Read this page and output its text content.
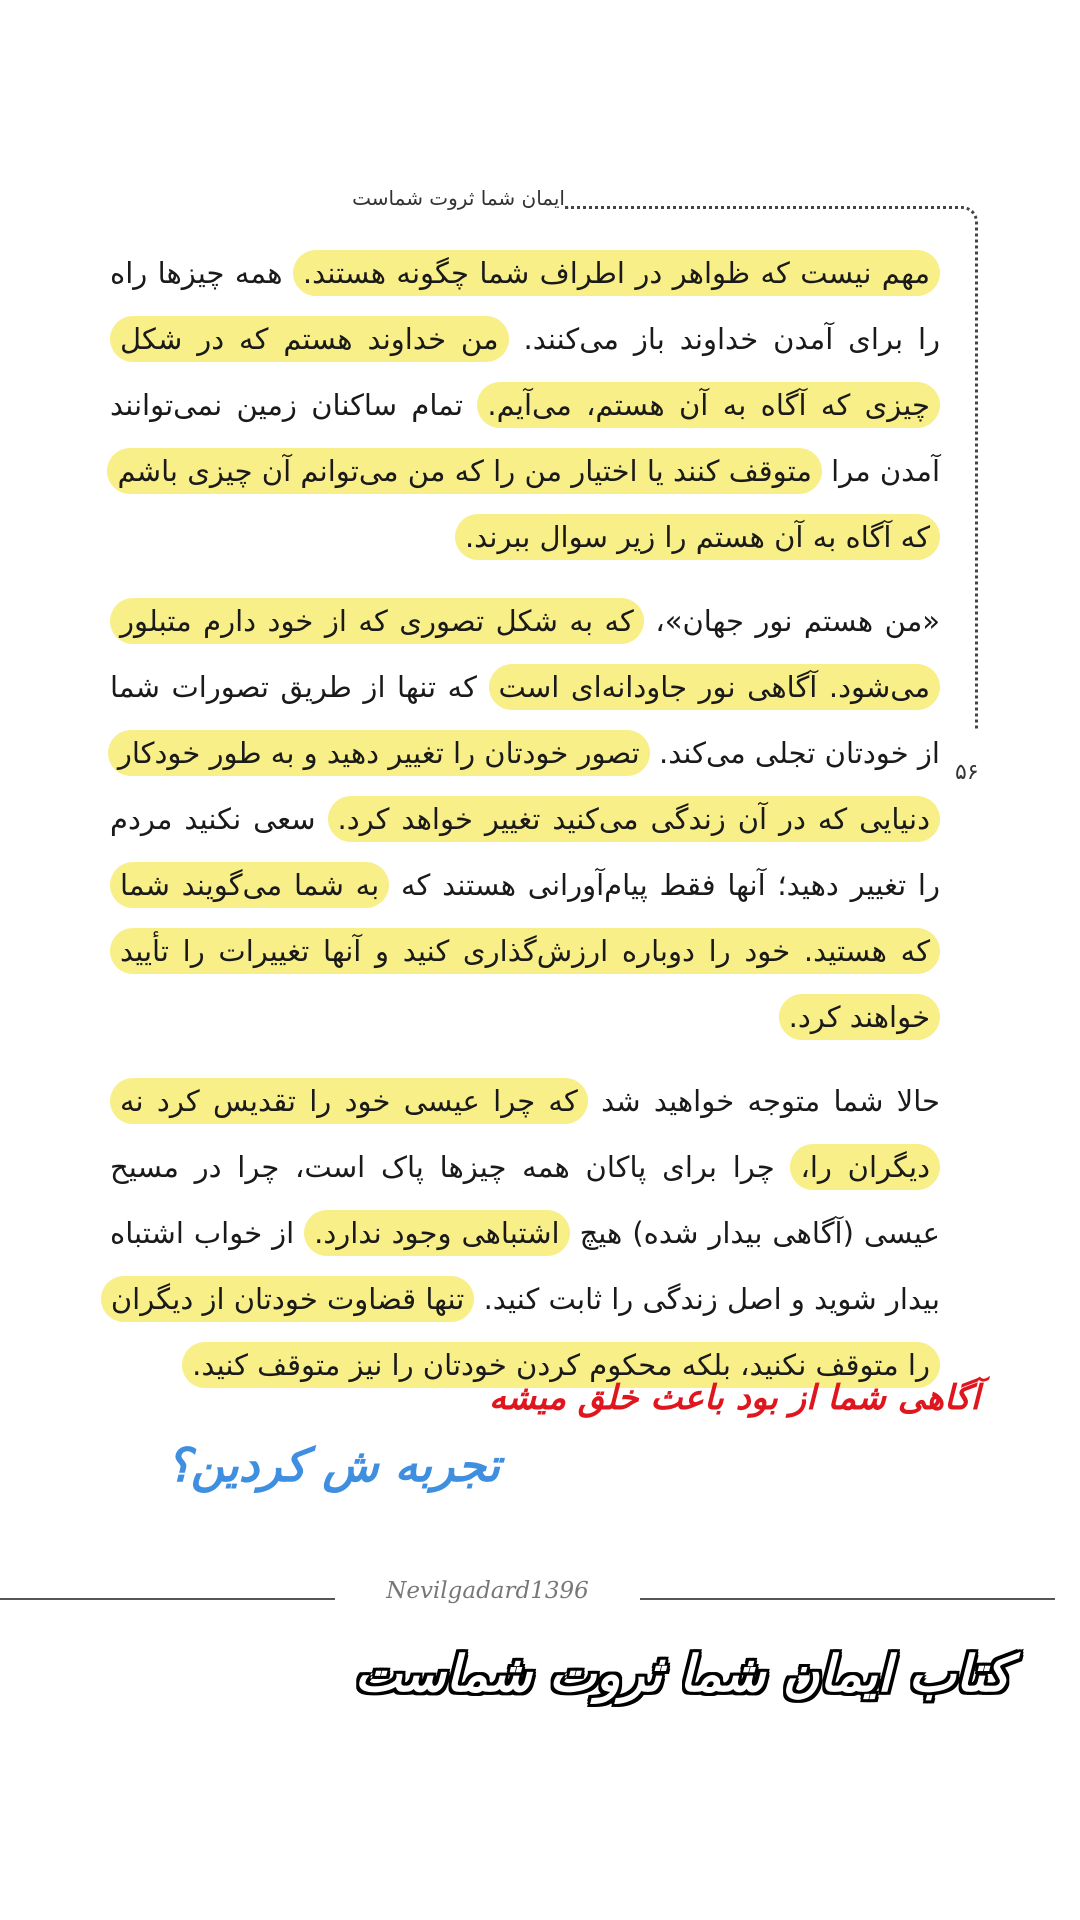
ایمان شما ثروت شماست
۵۶

مهم نیست که ظواهر در اطراف شما چگونه هستند. همه چیزها راه را برای آمدن خداوند باز می‌کنند. من خداوند هستم که در شکل چیزی که آگاه به آن هستم، می‌آیم. تمام ساکنان زمین نمی‌توانند آمدن مرا متوقف کنند یا اختیار من را که من می‌توانم آن چیزی باشم که آگاه به آن هستم را زیر سوال ببرند.

«من هستم نور جهان»، که به شکل تصوری که از خود دارم متبلور می‌شود. آگاهی نور جاودانه‌ای است که تنها از طریق تصورات شما از خودتان تجلی می‌کند. تصور خودتان را تغییر دهید و به طور خودکار دنیایی که در آن زندگی می‌کنید تغییر خواهد کرد. سعی نکنید مردم را تغییر دهید؛ آنها فقط پیام‌آورانی هستند که به شما می‌گویند شما که هستید. خود را دوباره ارزش‌گذاری کنید و آنها تغییرات را تأیید خواهند کرد.

حالا شما متوجه خواهید شد که چرا عیسی خود را تقدیس کرد نه دیگران را، چرا برای پاکان همه چیزها پاک است، چرا در مسیح عیسی (آگاهی بیدار شده) هیچ اشتباهی وجود ندارد. از خواب اشتباه بیدار شوید و اصل زندگی را ثابت کنید. تنها قضاوت خودتان از دیگران را متوقف نکنید، بلکه محکوم کردن خودتان را نیز متوقف کنید.

آگاهی شما از بود باعث خلق میشه
تجربه ش کردین؟
Nevilgadard1396
کتاب ایمان شما ثروت شماست
